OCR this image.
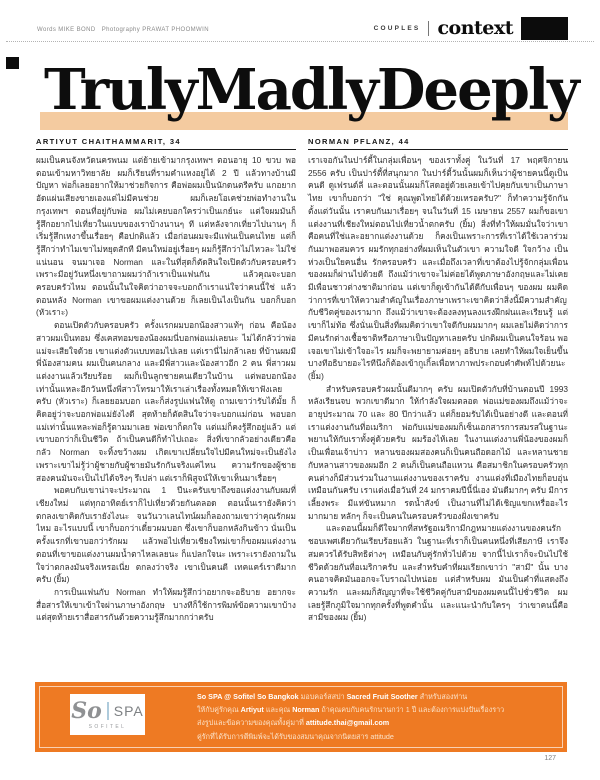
Words MIKE BOND   Photography PRAWAT PHOOMWIN	COUPLES context
TrulyMadlyDeeply
ARTIYUT CHAITHAMMARIT, 34

ผมเป็นคนจังหวัดนครพนม แต่ย้ายเข้ามากรุงเทพฯ ตอนอายุ 10 ขวบ พอตอนเข้ามหาวิทยาลัย ผมก็เรียนที่รามคำแหงอยู่ได้ 2 ปี แล้วทางบ้านมีปัญหา พ่อก็เลยอยากให้มาช่วยกิจการ คือพ่อผมเป็นนักดนตรีครับ แกอยากอัดแผ่นเสียงขายเองแต่ไม่มีคนช่วย ผมก็เลยโอเคช่วยพ่อทำงานในกรุงเทพฯ ตอนที่อยู่กับพ่อ ผมไม่เคยบอกใครว่าเป็นเกย์นะ แต่ใจผมมันก็รู้สึกอยากไปเที่ยวในแบบของเราบ้างนานๆ ที แต่หลังจากเที่ยวไปนานๆ ก็เริ่มรู้สึกเหงาขึ้นเรื่อยๆ คือปกติแล้ว เมื่อก่อนผมจะมีแฟนเป็นคนไทย แต่ก็รู้สึกว่าทำไมเขาไม่หยุดสักที มีคนใหม่อยู่เรื่อยๆ ผมก็รู้สึกว่าไม่ไหวละ ไม่ใช่แน่นอน จนมาเจอ Norman และในที่สุดก็ตัดสินใจเปิดตัวกับครอบครัว เพราะมีอยู่วันหนึ่งเขาถามผมว่าถ้าเราเป็นแฟนกัน แล้วคุณจะบอกครอบครัวไหม ตอนนั้นในใจคิดว่าอาจจะบอกถ้าเราแน่ใจว่าคนนี้ใช่ แล้วตอนหลัง Norman เขาขอผมแต่งงานด้วย ก็เลยเป็นไงเป็นกัน บอกก็บอก (หัวเราะ)

ตอนเปิดตัวกับครอบครัว ครั้งแรกผมบอกน้องสาวแท้ๆ ก่อน คือน้องสาวผมเป็นทอม ซึ่งเคสทอมของน้องผมนี่บอกพ่อแม่เลยนะ ไม่ได้กลัวว่าพ่อแม่จะเสียใจด้วย เขาแต่งตัวแบบทอมไปเลย แต่เรานี่ไม่กล้าเลย ที่บ้านผมมีพี่น้องสามคน ผมเป็นคนกลาง และมีพี่สาวและน้องสาวอีก 2 คน พี่สาวผมแต่งงานแล้วเรียบร้อย ผมก็เป็นลูกชายคนเดียวในบ้าน แต่พอบอกน้องเท่านั้นแหละอีกวันหนึ่งพี่สาวโทรมาให้เราเล่าเรื่องทั้งหมดให้เขาฟังเลยครับ (หัวเราะ) ก็เลยยอมบอก และก็ส่งรูปแฟนให้ดู ถามเขาว่ารับได้มั้ย ก็คิดอยู่ว่าจะบอกพ่อแม่ยังไงดี สุดท้ายก็ตัดสินใจว่าจะบอกแม่ก่อน พอบอกแม่เท่านั้นแหละพ่อก็รู้ตามมาเลย พ่อเขาก็ตกใจ แต่แม่ก็คงรู้สึกอยู่แล้ว แต่เขาบอกว่าก็เป็นชีวิต ถ้าเป็นคนดีก็ทำไปเถอะ สิ่งที่เขากลัวอย่างเดียวคือ กลัว Norman จะทิ้งขว้างผม เกิดเขาเปลี่ยนใจไปมีคนใหม่จะเป็นยังไง เพราะเขาไม่รู้ว่าผู้ชายกับผู้ชายมันรักกันจริงแค่ไหน ความรักของผู้ชายสองคนมันจะเป็นไปได้จริงๆ รึเปล่า แต่เราก็พิสูจน์ให้เขาเห็นมาเรื่อยๆ

พอคบกับเขาน่าจะประมาณ 1 ปีนะครับเขาถึงขอแต่งงานกับผมที่เชียงใหม่ แต่ทุกอาทิตย์เราก็ไปเที่ยวด้วยกันตลอด ตอนนั้นเรายังคิดว่า ตกลงเขาคิดกับเรายังไงนะ จนวันวาเลนไทน์ผมก็ลองถามเขาว่าคุณรักผมไหม อะไรแบบนี้ เขาก็บอกว่าเดี๋ยวผมบอก ซึ่งเขาก็บอกหลังกินข้าว นั่นเป็นครั้งแรกที่เขาบอกว่ารักผม แล้วพอไปเที่ยวเชียงใหม่เขาก็ขอผมแต่งงาน ตอนที่เขาขอแต่งงานผมน้ำตาไหลเลยนะ ก็แปลกใจนะ เพราะเรายังถามในใจว่าตกลงมันจริงเหรอเนี่ย ตกลงว่าจริง เขาเป็นคนดี เทคแคร์เราดีมากครับ (ยิ้ม)

การเป็นแฟนกับ Norman ทำให้ผมรู้สึกว่าอยากจะอธิบาย อยากจะสื่อสารให้เขาเข้าใจผ่านภาษาอังกฤษ บางทีก็ใช้การพิมพ์ข้อความเขาบ้าง แต่สุดท้ายเราสื่อสารกันด้วยความรู้สึกมากกว่าครับ

NORMAN PFLANZ, 44

เราเจอกันในปาร์ตี้ในกลุ่มเพื่อนๆ ของเราทั้งคู่ ในวันที่ 17 พฤศจิกายน 2556 ครับ เป็นปาร์ตี้ที่สนุกมาก ในปาร์ตี้วันนั้นผมก็เห็นว่าผู้ชายคนนี้ดูเป็นคนดี ดูเฟรนด์ลี่ และตอนนั้นผมก็โสดอยู่ด้วยเลยเข้าไปคุยกับเขาเป็นภาษาไทย เขาก็บอกว่า "ใช่ คุณพูดไทยได้ด้วยเหรอครับ?" ก็ทำความรู้จักกันตั้งแต่วันนั้น เราคบกันมาเรื่อยๆ จนในวันที่ 15 เมษายน 2557 ผมก็ขอเขาแต่งงานที่เชียงใหม่ตอนไปเที่ยวน้ำตกครับ (ยิ้ม) สิ่งที่ทำให้ผมมั่นใจว่าเขาคือคนที่ใช่และอยากแต่งงานด้วย ก็คงเป็นเพราะการที่เราได้ใช้เวลาร่วมกันมาพอสมควร ผมรักทุกอย่างที่ผมเห็นในตัวเขา ความใจดี ใจกว้าง เป็นห่วงเป็นใยคนอื่น รักครอบครัว และเมื่อถึงเวลาที่เขาต้องไปรู้จักกลุ่มเพื่อนของผมก็ผ่านไปด้วยดี ถึงแม้ว่าเขาจะไม่ค่อยได้พูดภาษาอังกฤษและไม่เคยมีเพื่อนชาวต่างชาติมาก่อน แต่เขาก็ดูเข้ากันได้ดีกับเพื่อนๆ ของผม ผมคิดว่าการที่เขาให้ความสำคัญในเรื่องภาษาเพราะเขาคิดว่าสิ่งนี้มีความสำคัญกับชีวิตคู่ของเรามาก ถึงแม้ว่าเขาจะต้องลงทุนลงแรงฝึกฝนและเรียนรู้ แต่เขาก็ไม่ท้อ ซึ่งนั่นเป็นสิ่งที่ผมคิดว่าเขาใจดีกับผมมากๆ ผมเลยไม่คิดว่าการมีคนรักต่างเชื้อชาติหรือภาษาเป็นปัญหาเลยครับ ปกติผมเป็นคนใจร้อน พอเจอเขาไม่เข้าใจอะไร ผมก็จะพยายามค่อยๆ อธิบาย เลยทำให้ผมใจเย็นขึ้น บางทีอธิบายอะไรทีนึงก็ต้องเข้ากูเกิ้ลเพื่อหาภาพประกอบคำศัพท์ไปด้วยนะ (ยิ้ม)

สำหรับครอบครัวผมนั้นดีมากๆ ครับ ผมเปิดตัวกับที่บ้านตอนปี 1993 หลังเรียนจบ พวกเขาดีมาก ให้กำลังใจผมตลอด พ่อแม่ของผมถึงแม้ว่าจะอายุประมาณ 70 และ 80 ปีกว่าแล้ว แต่ก็ยอมรับได้เป็นอย่างดี และตอนที่เราแต่งงานกันที่อเมริกา พ่อกับแม่ของผมก็เซ็นเอกสารการสมรสในฐานะพยานให้กับเราทั้งคู่ด้วยครับ ผมร้องไห้เลย ในงานแต่งงานพี่น้องของผมก็เป็นเพื่อนเจ้าบ่าว หลานของผมสองคนก็เป็นคนถือดอกไม้ และหลานชายกับหลานสาวของผมอีก 2 คนก็เป็นคนถือแหวน คือสมาชิกในครอบครัวทุกคนต่างก็มีส่วนร่วมในงานแต่งงานของเราครับ งานแต่งที่เมืองไทยก็อบอุ่นเหมือนกันครับ เราแต่งเมื่อวันที่ 24 มกราคมปีนี้นี่เอง มันดีมากๆ ครับ มีการเลี้ยงพระ มีแห่ขันหมาก รดน้ำสังข์ เป็นงานที่ไม่ได้เชิญแขกเหรื่ออะไรมากมาย หลักๆ ก็จะเป็นคนในครอบครัวของฝั่งเขาครับ

และตอนนี้ผมก็ดีใจมากที่สหรัฐอเมริกามีกฎหมายแต่งงานของคนรักชอบเพศเดียวกันเรียบร้อยแล้ว ในฐานะที่เราก็เป็นคนหนึ่งที่เสียภาษี เราจึงสมควรได้รับสิทธิต่างๆ เหมือนกับคู่รักทั่วไปด้วย จากนี้ไปเราก็จะบินไปใช้ชีวิตด้วยกันที่อเมริกาครับ และสำหรับคำที่ผมเรียกเขาว่า "สามี" นั้น บางคนอาจคิดมันออกจะโบราณไปหน่อย แต่สำหรับผม มันเป็นคำที่แสดงถึงความรัก และผมก็สัญญาที่จะใช้ชีวิตคู่กับสามีของผมคนนี้ไปชั่วชีวิต ผมเลยรู้สึกภูมิใจมากทุกครั้งที่พูดคำนั้น และแนะนำกับใครๆ ว่าเขาคนนี้คือสามีของผม (ยิ้ม)

So SPA
SOFITEL

So SPA @ Sofitel So Bangkok มอบคอร์สสปา Sacred Fruit Soother สำหรับสองท่าน

ให้กับคู่รักคุณ Artiyut และคุณ Norman ถ้าคุณคบกับคนรักนานกว่า 1 ปี และต้องการแบ่งปันเรื่องราว

ส่งรูปและข้อความของคุณทั้งคู่มาที่ attitude.thai@gmail.com

คู่รักที่ได้รับการตีพิมพ์จะได้รับของสมนาคุณจากนิตยสาร attitude

127
